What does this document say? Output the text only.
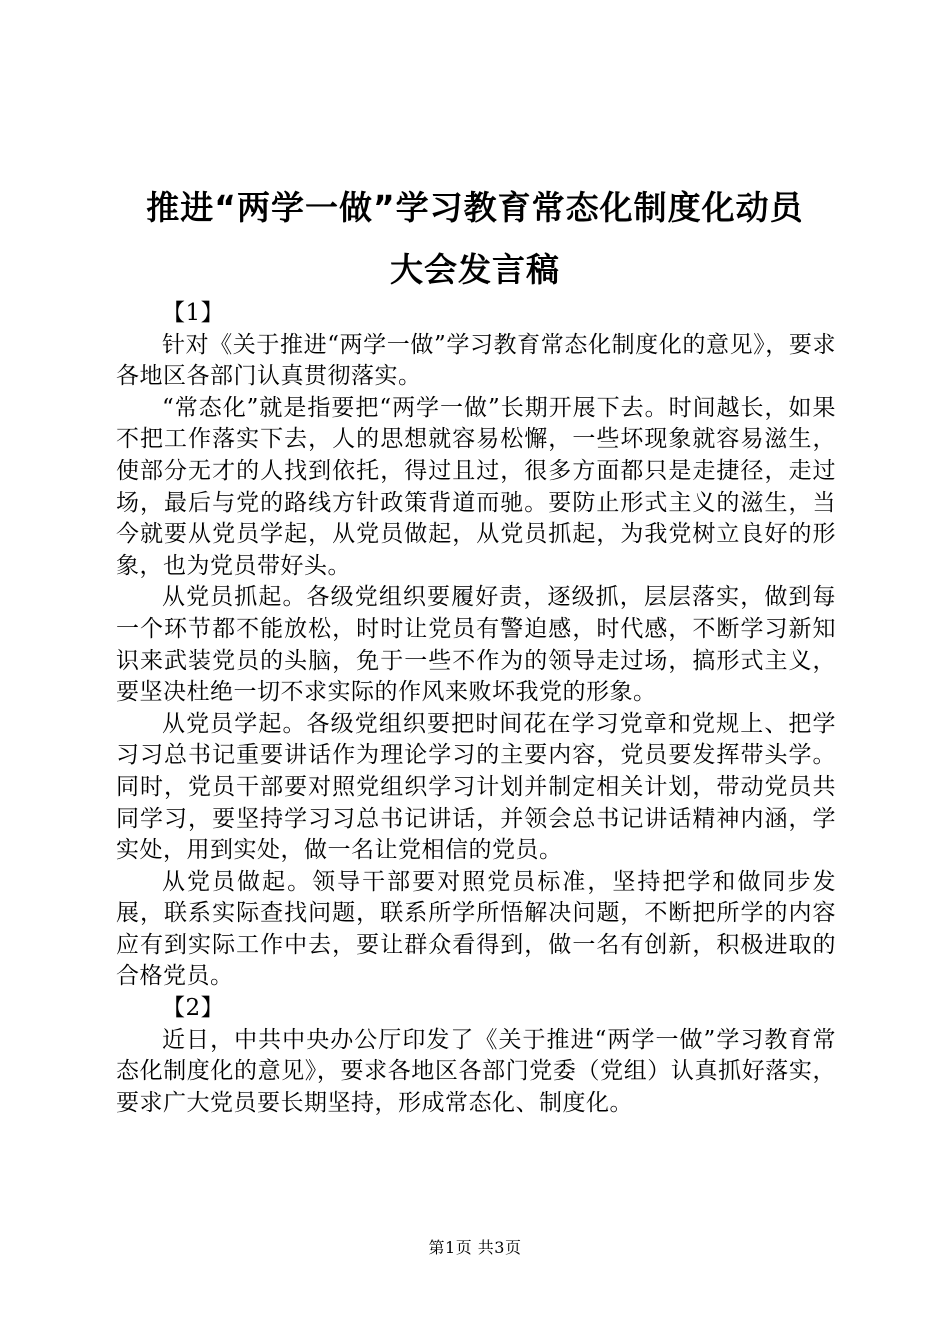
推进“两学一做”学习教育常态化制度化动员
大会发言稿

【1】

针对《关于推进“两学一做”学习教育常态化制度化的意见》，要求各地区各部门认真贯彻落实。

“常态化”就是指要把“两学一做”长期开展下去。时间越长，如果不把工作落实下去，人的思想就容易松懈，一些坏现象就容易滋生，使部分无才的人找到依托，得过且过，很多方面都只是走捷径，走过场，最后与党的路线方针政策背道而驰。要防止形式主义的滋生，当今就要从党员学起，从党员做起，从党员抓起，为我党树立良好的形象，也为党员带好头。

从党员抓起。各级党组织要履好责，逐级抓，层层落实，做到每一个环节都不能放松，时时让党员有警迫感，时代感，不断学习新知识来武装党员的头脑，免于一些不作为的领导走过场，搞形式主义，要坚决杜绝一切不求实际的作风来败坏我党的形象。

从党员学起。各级党组织要把时间花在学习党章和党规上、把学习习总书记重要讲话作为理论学习的主要内容，党员要发挥带头学。同时，党员干部要对照党组织学习计划并制定相关计划，带动党员共同学习，要坚持学习习总书记讲话，并领会总书记讲话精神内涵，学实处，用到实处，做一名让党相信的党员。

从党员做起。领导干部要对照党员标准，坚持把学和做同步发展，联系实际查找问题，联系所学所悟解决问题，不断把所学的内容应有到实际工作中去，要让群众看得到，做一名有创新，积极进取的合格党员。

【2】

近日，中共中央办公厅印发了《关于推进“两学一做”学习教育常态化制度化的意见》，要求各地区各部门党委（党组）认真抓好落实，要求广大党员要长期坚持，形成常态化、制度化。

第1页 共3页
